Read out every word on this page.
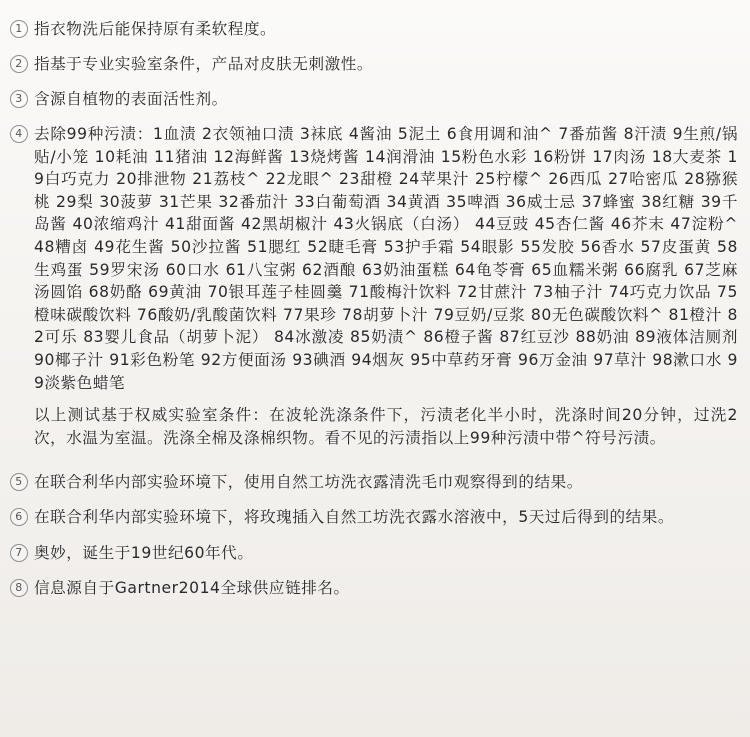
1 指衣物洗后能保持原有柔软程度。
2 指基于专业实验室条件，产品对皮肤无刺激性。
3 含源自植物的表面活性剂。
4 去除99种污渍：1血渍 2衣领袖口渍 3袜底 4酱油 5泥土 6食用调和油^ 7番茄酱 8汗渍 9生煎/锅贴/小笼 10耗油 11猪油 12海鲜酱 13烧烤酱 14润滑油 15粉色水彩 16粉饼 17肉汤 18大麦茶 19白巧克力 20排泄物 21荔枝^ 22龙眼^ 23甜橙 24苹果汁 25柠檬^ 26西瓜 27哈密瓜 28猕猴桃 29梨 30菠萝 31芒果 32番茄汁 33白葡萄酒 34黄酒 35啤酒 36威士忌 37蜂蜜 38红糖 39千岛酱 40浓缩鸡汁 41甜面酱 42黑胡椒汁 43火锅底（白汤） 44豆豉 45杏仁酱 46芥末 47淀粉^ 48糟卤 49花生酱 50沙拉酱 51腮红 52睫毛膏 53护手霜 54眼影 55发胶 56香水 57皮蛋黄 58生鸡蛋 59罗宋汤 60口水 61八宝粥 62酒酿 63奶油蛋糕 64龟苓膏 65血糯米粥 66腐乳 67芝麻汤圆馅 68奶酪 69黄油 70银耳莲子桂圆羹 71酸梅汁饮料 72甘蔗汁 73柚子汁 74巧克力饮品 75橙味碳酸饮料 76酸奶/乳酸菌饮料 77果珍 78胡萝卜汁 79豆奶/豆浆 80无色碳酸饮料^ 81橙汁 82可乐 83婴儿食品（胡萝卜泥） 84冰激凌 85奶渍^ 86橙子酱 87红豆沙 88奶油 89液体洁厕剂 90椰子汁 91彩色粉笔 92方便面汤 93碘酒 94烟灰 95中草药牙膏 96万金油 97草汁 98漱口水 99淡紫色蜡笔
以上测试基于权威实验室条件：在波轮洗涤条件下，污渍老化半小时，洗涤时间20分钟，过洗2次，水温为室温。洗涤全棉及涤棉织物。看不见的污渍指以上99种污渍中带^符号污渍。
5 在联合利华内部实验环境下，使用自然工坊洗衣露清洗毛巾观察得到的结果。
6 在联合利华内部实验环境下，将玫瑰插入自然工坊洗衣露水溶液中，5天过后得到的结果。
7 奥妙，诞生于19世纪60年代。
8 信息源自于Gartner2014全球供应链排名。
